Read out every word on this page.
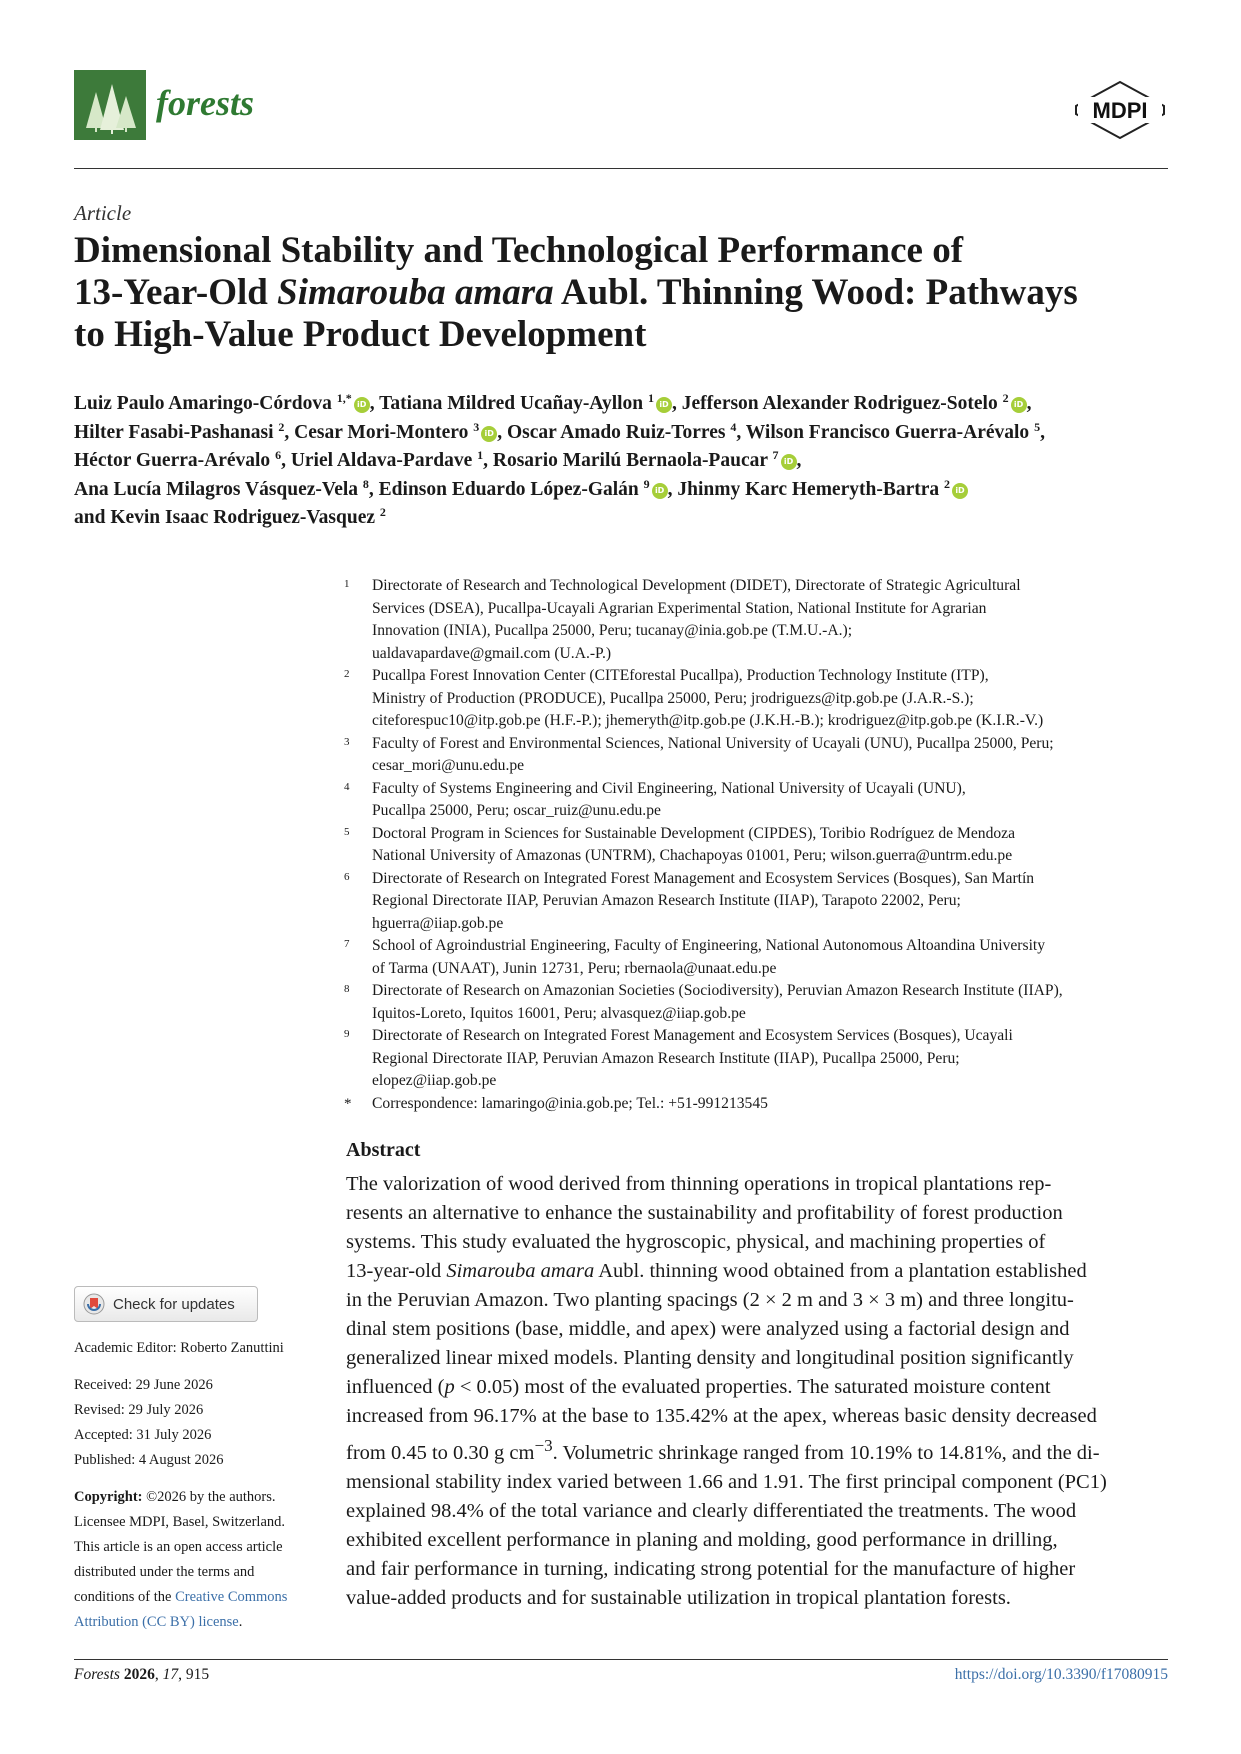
forests	MDPI
Article
Dimensional Stability and Technological Performance of
13-Year-Old Simarouba amara Aubl. Thinning Wood: Pathways
to High-Value Product Development
Luiz Paulo Amaringo-Córdova $^{1,*}$ iD , Tatiana Mildred Ucañay-Ayllon $^1$ iD , Jefferson Alexander Rodriguez-Sotelo $^2$ iD ,
Hilter Fasabi-Pashanasi $^2$, Cesar Mori-Montero $^3$ iD , Oscar Amado Ruiz-Torres $^4$, Wilson Francisco Guerra-Arévalo $^5$,
Héctor Guerra-Arévalo $^6$, Uriel Aldava-Pardave $^1$, Rosario Marilú Bernaola-Paucar $^7$ iD ,
Ana Lucía Milagros Vásquez-Vela $^8$, Edinson Eduardo López-Galán $^9$ iD , Jhinmy Karc Hemeryth-Bartra $^2$ iD
and Kevin Isaac Rodriguez-Vasquez $^2$
1 Directorate of Research and Technological Development (DIDET), Directorate of Strategic Agricultural
Services (DSEA), Pucallpa-Ucayali Agrarian Experimental Station, National Institute for Agrarian
Innovation (INIA), Pucallpa 25000, Peru; tucanay@inia.gob.pe (T.M.U.-A.);
ualdavapardave@gmail.com (U.A.-P.)
2 Pucallpa Forest Innovation Center (CITEforestal Pucallpa), Production Technology Institute (ITP),
Ministry of Production (PRODUCE), Pucallpa 25000, Peru; jrodriguezs@itp.gob.pe (J.A.R.-S.);
citeforespuc10@itp.gob.pe (H.F.-P.); jhemeryth@itp.gob.pe (J.K.H.-B.); krodriguez@itp.gob.pe (K.I.R.-V.)
3 Faculty of Forest and Environmental Sciences, National University of Ucayali (UNU), Pucallpa 25000, Peru;
cesar_mori@unu.edu.pe
4 Faculty of Systems Engineering and Civil Engineering, National University of Ucayali (UNU),
Pucallpa 25000, Peru; oscar_ruiz@unu.edu.pe
5 Doctoral Program in Sciences for Sustainable Development (CIPDES), Toribio Rodríguez de Mendoza
National University of Amazonas (UNTRM), Chachapoyas 01001, Peru; wilson.guerra@untrm.edu.pe
6 Directorate of Research on Integrated Forest Management and Ecosystem Services (Bosques), San Martín
Regional Directorate IIAP, Peruvian Amazon Research Institute (IIAP), Tarapoto 22002, Peru;
hguerra@iiap.gob.pe
7 School of Agroindustrial Engineering, Faculty of Engineering, National Autonomous Altoandina University
of Tarma (UNAAT), Junin 12731, Peru; rbernaola@unaat.edu.pe
8 Directorate of Research on Amazonian Societies (Sociodiversity), Peruvian Amazon Research Institute (IIAP),
Iquitos-Loreto, Iquitos 16001, Peru; alvasquez@iiap.gob.pe
9 Directorate of Research on Integrated Forest Management and Ecosystem Services (Bosques), Ucayali
Regional Directorate IIAP, Peruvian Amazon Research Institute (IIAP), Pucallpa 25000, Peru;
elopez@iiap.gob.pe
* Correspondence: lamaringo@inia.gob.pe; Tel.: +51-991213545
Abstract
The valorization of wood derived from thinning operations in tropical plantations rep-
resents an alternative to enhance the sustainability and profitability of forest production
systems. This study evaluated the hygroscopic, physical, and machining properties of
13-year-old Simarouba amara Aubl. thinning wood obtained from a plantation established
in the Peruvian Amazon. Two planting spacings (2 × 2 m and 3 × 3 m) and three longitu-
dinal stem positions (base, middle, and apex) were analyzed using a factorial design and
generalized linear mixed models. Planting density and longitudinal position significantly
influenced (p < 0.05) most of the evaluated properties. The saturated moisture content
increased from 96.17% at the base to 135.42% at the apex, whereas basic density decreased
from 0.45 to 0.30 g $cm^{-3}$. Volumetric shrinkage ranged from 10.19% to 14.81%, and the di-
mensional stability index varied between 1.66 and 1.91. The first principal component (PC1)
explained 98.4% of the total variance and clearly differentiated the treatments. The wood
exhibited excellent performance in planing and molding, good performance in drilling,
and fair performance in turning, indicating strong potential for the manufacture of higher
value-added products and for sustainable utilization in tropical plantation forests.
Check for updates
Academic Editor: Roberto Zanuttini
Received: 29 June 2026
Revised: 29 July 2026
Accepted: 31 July 2026
Published: 4 August 2026
Copyright: ©2026 by the authors.
Licensee MDPI, Basel, Switzerland.
This article is an open access article
distributed under the terms and
conditions of the Creative Commons
Attribution (CC BY) license.
Forests 2026, 17, 915	https://doi.org/10.3390/f17080915
